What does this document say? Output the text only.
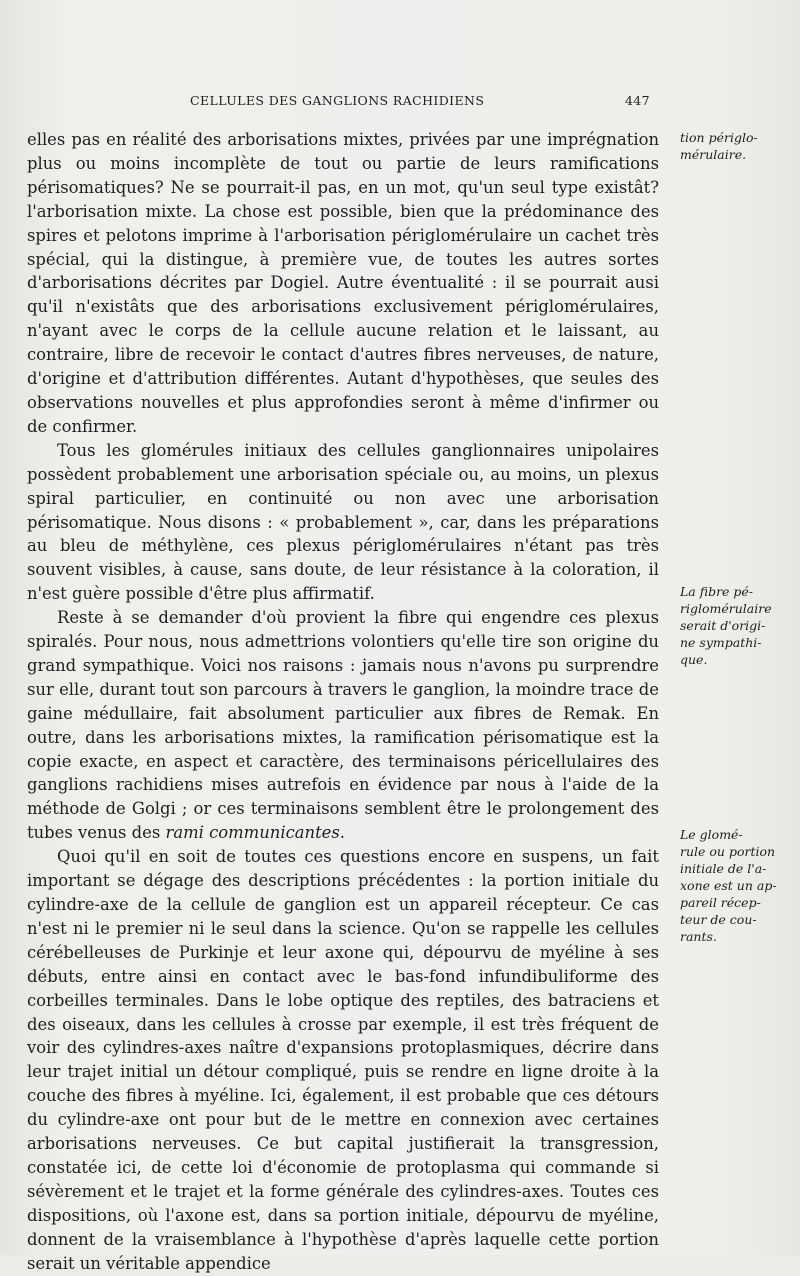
CELLULES DES GANGLIONS RACHIDIENS	447

elles pas en réalité des arborisations mixtes, privées par une imprégnation plus ou moins incomplète de tout ou partie de leurs ramifications périsomatiques? Ne se pourrait-il pas, en un mot, qu'un seul type existât? l'arborisation mixte. La chose est possible, bien que la prédominance des spires et pelotons imprime à l'arborisation périglomérulaire un cachet très spécial, qui la distingue, à première vue, de toutes les autres sortes d'arborisations décrites par Dogiel. Autre éventualité : il se pourrait ausi qu'il n'existâts que des arborisations exclusivement périglomérulaires, n'ayant avec le corps de la cellule aucune relation et le laissant, au contraire, libre de recevoir le contact d'autres fibres nerveuses, de nature, d'origine et d'attribution différentes. Autant d'hypothèses, que seules des observations nouvelles et plus approfondies seront à même d'infirmer ou de confirmer.

Tous les glomérules initiaux des cellules ganglionnaires unipolaires possèdent probablement une arborisation spéciale ou, au moins, un plexus spiral particulier, en continuité ou non avec une arborisation périsomatique. Nous disons : « probablement », car, dans les préparations au bleu de méthylène, ces plexus périglomérulaires n'étant pas très souvent visibles, à cause, sans doute, de leur résistance à la coloration, il n'est guère possible d'être plus affirmatif.

Reste à se demander d'où provient la fibre qui engendre ces plexus spiralés. Pour nous, nous admettrions volontiers qu'elle tire son origine du grand sympathique. Voici nos raisons : jamais nous n'avons pu surprendre sur elle, durant tout son parcours à travers le ganglion, la moindre trace de gaine médullaire, fait absolument particulier aux fibres de Remak. En outre, dans les arborisations mixtes, la ramification périsomatique est la copie exacte, en aspect et caractère, des terminaisons péricellulaires des ganglions rachidiens mises autrefois en évidence par nous à l'aide de la méthode de Golgi ; or ces terminaisons semblent être le prolongement des tubes venus des rami communicantes.

Quoi qu'il en soit de toutes ces questions encore en suspens, un fait important se dégage des descriptions précédentes : la portion initiale du cylindre-axe de la cellule de ganglion est un appareil récepteur. Ce cas n'est ni le premier ni le seul dans la science. Qu'on se rappelle les cellules cérébelleuses de Purkinje et leur axone qui, dépourvu de myéline à ses débuts, entre ainsi en contact avec le bas-fond infundibuliforme des corbeilles terminales. Dans le lobe optique des reptiles, des batraciens et des oiseaux, dans les cellules à crosse par exemple, il est très fréquent de voir des cylindres-axes naître d'expansions protoplasmiques, décrire dans leur trajet initial un détour compliqué, puis se rendre en ligne droite à la couche des fibres à myéline. Ici, également, il est probable que ces détours du cylindre-axe ont pour but de le mettre en connexion avec certaines arborisations nerveuses. Ce but capital justifierait la transgression, constatée ici, de cette loi d'économie de protoplasma qui commande si sévèrement et le trajet et la forme générale des cylindres-axes. Toutes ces dispositions, où l'axone est, dans sa portion initiale, dépourvu de myéline, donnent de la vraisemblance à l'hypothèse d'après laquelle cette portion serait un véritable appendice

tion périglo-
mérulaire.
La fibre pé-
riglomérulaire
serait d'origi-
ne sympathi-
que.
Le glomé-
rule ou portion
initiale de l'a-
xone est un ap-
pareil récep-
teur de cou-
rants.
